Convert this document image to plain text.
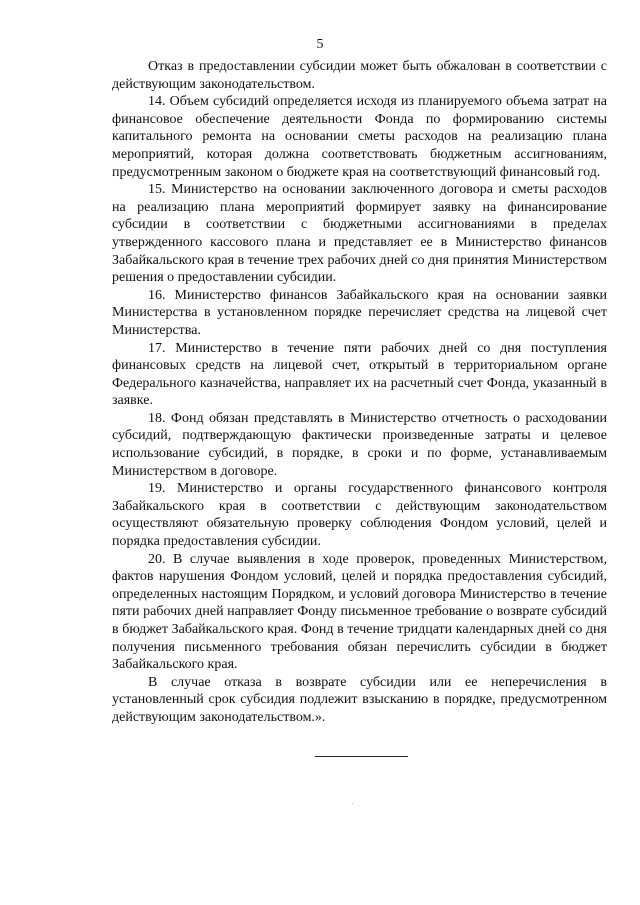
5

Отказ в предоставлении субсидии может быть обжалован в соответствии с действующим законодательством.

14. Объем субсидий определяется исходя из планируемого объема затрат на финансовое обеспечение деятельности Фонда по формированию системы капитального ремонта на основании сметы расходов на реализацию плана мероприятий, которая должна соответствовать бюджетным ассигнованиям, предусмотренным законом о бюджете края на соответствующий финансовый год.

15. Министерство на основании заключенного договора и сметы расходов на реализацию плана мероприятий формирует заявку на финансирование субсидии в соответствии с бюджетными ассигнованиями в пределах утвержденного кассового плана и представляет ее в Министерство финансов Забайкальского края в течение трех рабочих дней со дня принятия Министерством решения о предоставлении субсидии.

16. Министерство финансов Забайкальского края на основании заявки Министерства в установленном порядке перечисляет средства на лицевой счет Министерства.

17. Министерство в течение пяти рабочих дней со дня поступления финансовых средств на лицевой счет, открытый в территориальном органе Федерального казначейства, направляет их на расчетный счет Фонда, указанный в заявке.

18. Фонд обязан представлять в Министерство отчетность о расходовании субсидий, подтверждающую фактически произведенные затраты и целевое использование субсидий, в порядке, в сроки и по форме, устанавливаемым Министерством в договоре.

19. Министерство и органы государственного финансового контроля Забайкальского края в соответствии с действующим законодательством осуществляют обязательную проверку соблюдения Фондом условий, целей и порядка предоставления субсидии.

20. В случае выявления в ходе проверок, проведенных Министерством, фактов нарушения Фондом условий, целей и порядка предоставления субсидий, определенных настоящим Порядком, и условий договора Министерство в течение пяти рабочих дней направляет Фонду письменное требование о возврате субсидий в бюджет Забайкальского края. Фонд в течение тридцати календарных дней со дня получения письменного требования обязан перечислить субсидии в бюджет Забайкальского края.

В случае отказа в возврате субсидии или ее неперечисления в установленный срок субсидия подлежит взысканию в порядке, предусмотренном действующим законодательством.».
